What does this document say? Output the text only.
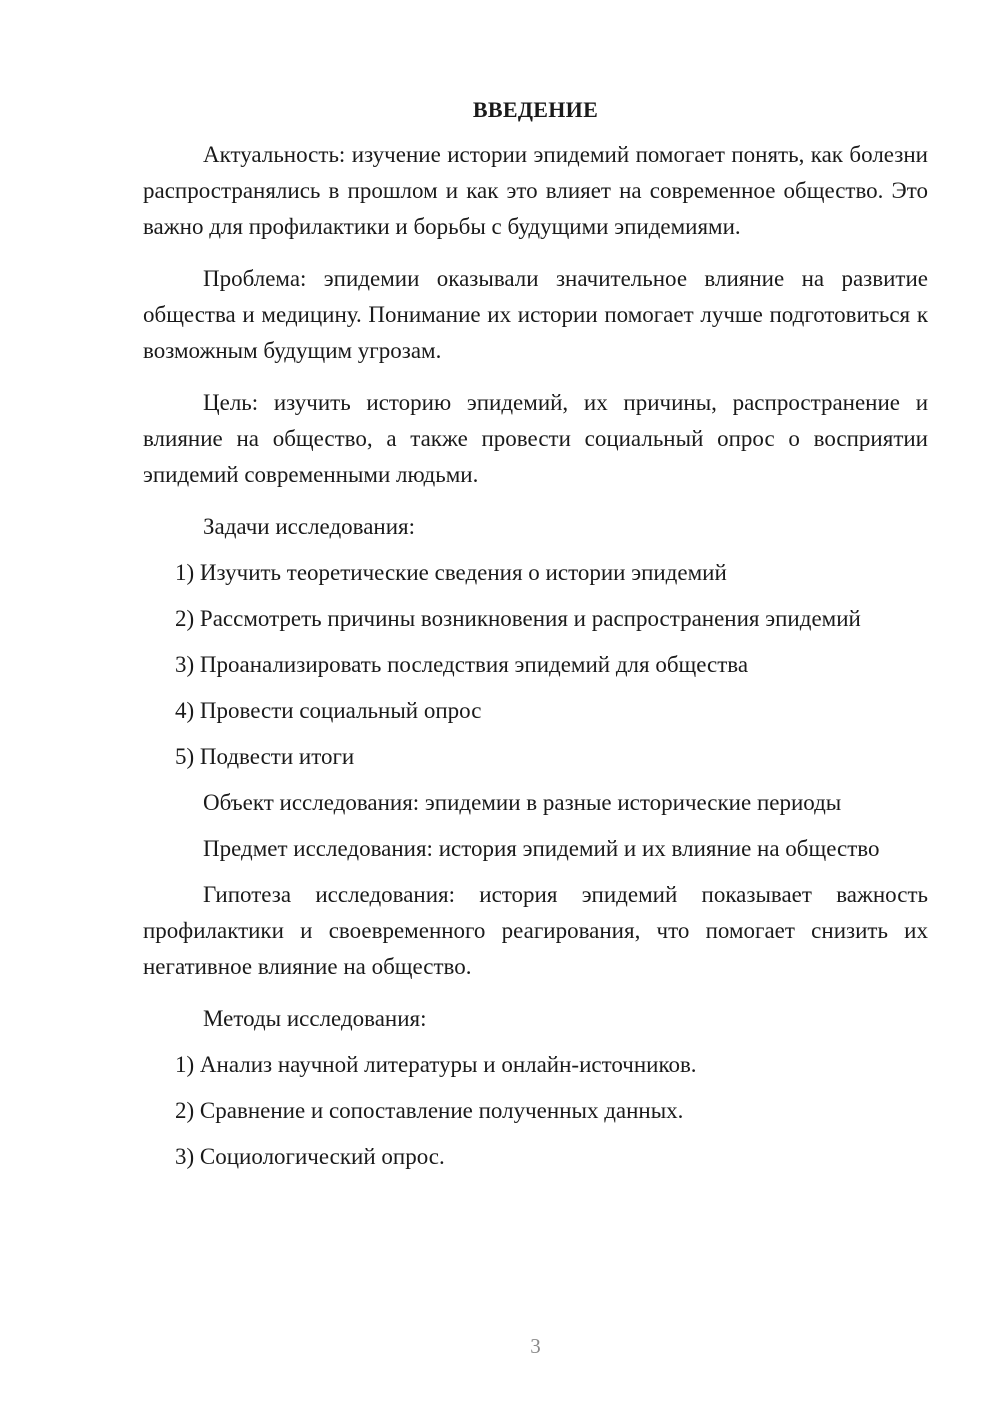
ВВЕДЕНИЕ

Актуальность: изучение истории эпидемий помогает понять, как болезни распространялись в прошлом и как это влияет на современное общество. Это важно для профилактики и борьбы с будущими эпидемиями.

Проблема: эпидемии оказывали значительное влияние на развитие общества и медицину. Понимание их истории помогает лучше подготовиться к возможным будущим угрозам.

Цель: изучить историю эпидемий, их причины, распространение и влияние на общество, а также провести социальный опрос о восприятии эпидемий современными людьми.

Задачи исследования:

1) Изучить теоретические сведения о истории эпидемий
2) Рассмотреть причины возникновения и распространения эпидемий
3) Проанализировать последствия эпидемий для общества
4) Провести социальный опрос
5) Подвести итоги

Объект исследования: эпидемии в разные исторические периоды

Предмет исследования: история эпидемий и их влияние на общество

Гипотеза исследования: история эпидемий показывает важность профилактики и своевременного реагирования, что помогает снизить их негативное влияние на общество.

Методы исследования:

1) Анализ научной литературы и онлайн-источников.
2) Сравнение и сопоставление полученных данных.
3) Социологический опрос.
3
